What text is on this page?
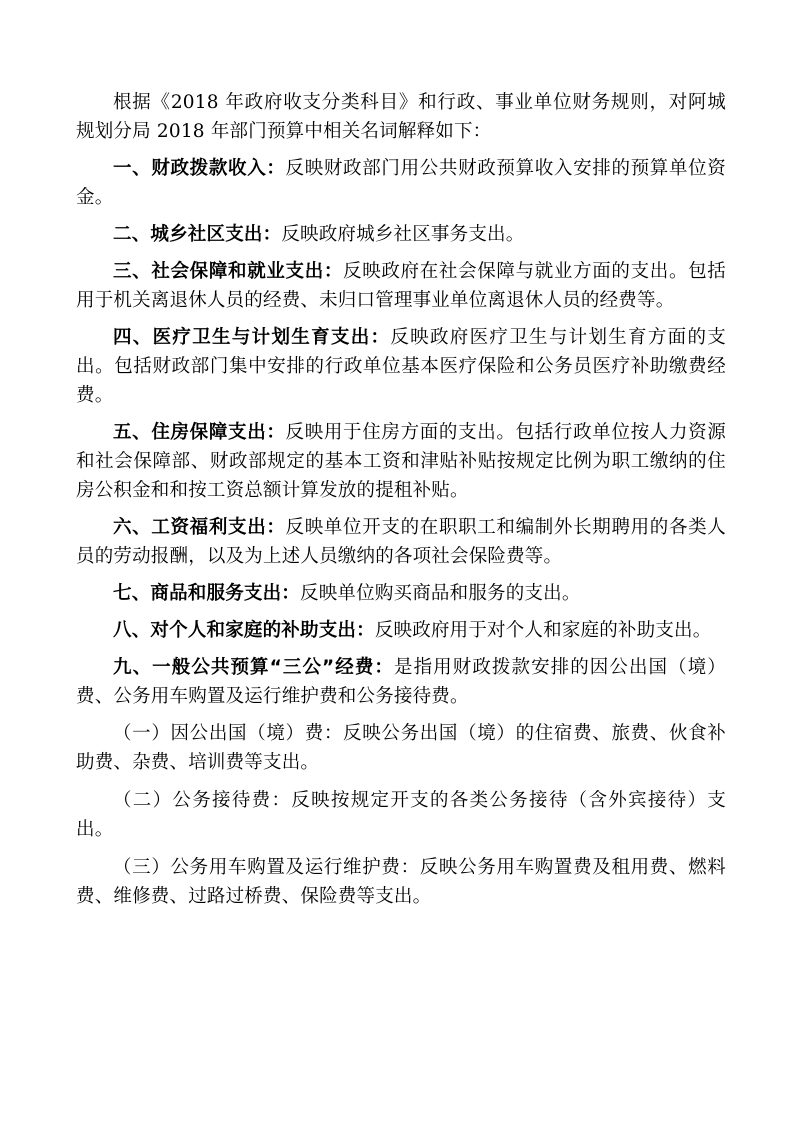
根据《2018 年政府收支分类科目》和行政、事业单位财务规则，对阿城规划分局 2018 年部门预算中相关名词解释如下：

一、财政拨款收入：反映财政部门用公共财政预算收入安排的预算单位资金。

二、城乡社区支出：反映政府城乡社区事务支出。

三、社会保障和就业支出：反映政府在社会保障与就业方面的支出。包括用于机关离退休人员的经费、未归口管理事业单位离退休人员的经费等。

四、医疗卫生与计划生育支出：反映政府医疗卫生与计划生育方面的支出。包括财政部门集中安排的行政单位基本医疗保险和公务员医疗补助缴费经费。

五、住房保障支出：反映用于住房方面的支出。包括行政单位按人力资源和社会保障部、财政部规定的基本工资和津贴补贴按规定比例为职工缴纳的住房公积金和和按工资总额计算发放的提租补贴。

六、工资福利支出：反映单位开支的在职职工和编制外长期聘用的各类人员的劳动报酬，以及为上述人员缴纳的各项社会保险费等。

七、商品和服务支出：反映单位购买商品和服务的支出。

八、对个人和家庭的补助支出：反映政府用于对个人和家庭的补助支出。

九、一般公共预算“三公”经费：是指用财政拨款安排的因公出国（境）费、公务用车购置及运行维护费和公务接待费。

（一）因公出国（境）费：反映公务出国（境）的住宿费、旅费、伙食补助费、杂费、培训费等支出。

（二）公务接待费：反映按规定开支的各类公务接待（含外宾接待）支出。

（三）公务用车购置及运行维护费：反映公务用车购置费及租用费、燃料费、维修费、过路过桥费、保险费等支出。
